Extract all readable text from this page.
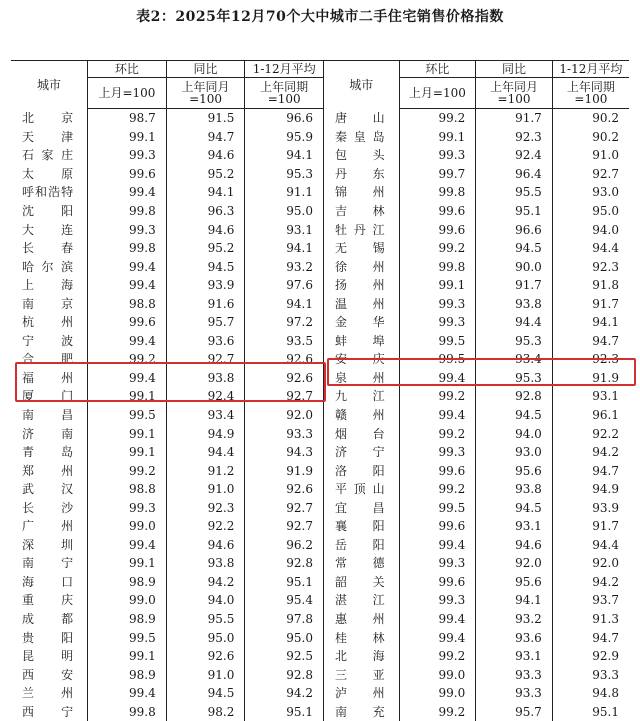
表2：2025年12月70个大中城市二手住宅销售价格指数
城市	环比	同比	1-12月平均	城市	环比	同比	1-12月平均
	上月=100	上年同月=100	上年同期=100		上月=100	上年同月=100	上年同期=100
北 京	98.7	91.5	96.6	唐 山	99.2	91.7	90.2
天 津	99.1	94.7	95.9	秦皇岛	99.1	92.3	90.2
石家庄	99.3	94.6	94.1	包 头	99.3	92.4	91.0
太 原	99.6	95.2	95.3	丹 东	99.7	96.4	92.7
呼和浩特	99.4	94.1	91.1	锦 州	99.8	95.5	93.0
沈 阳	99.8	96.3	95.0	吉 林	99.6	95.1	95.0
大 连	99.3	94.6	93.1	牡丹江	99.6	96.6	94.0
长 春	99.8	95.2	94.1	无 锡	99.2	94.5	94.4
哈尔滨	99.4	94.5	93.2	徐 州	99.8	90.0	92.3
上 海	99.4	93.9	97.6	扬 州	99.1	91.7	91.8
南 京	98.8	91.6	94.1	温 州	99.3	93.8	91.7
杭 州	99.6	95.7	97.2	金 华	99.3	94.4	94.1
宁 波	99.4	93.6	93.5	蚌 埠	99.5	95.3	94.7
合 肥	99.2	92.7	92.6	安 庆	99.5	93.4	92.3
福 州	99.4	93.8	92.6	泉 州	99.4	95.3	91.9
厦 门	99.1	92.4	92.7	九 江	99.2	92.8	93.1
南 昌	99.5	93.4	92.0	赣 州	99.4	94.5	96.1
济 南	99.1	94.9	93.3	烟 台	99.2	94.0	92.2
青 岛	99.1	94.4	94.3	济 宁	99.3	93.0	94.2
郑 州	99.2	91.2	91.9	洛 阳	99.6	95.6	94.7
武 汉	98.8	91.0	92.6	平顶山	99.2	93.8	94.9
长 沙	99.3	92.3	92.7	宜 昌	99.5	94.5	93.9
广 州	99.0	92.2	92.7	襄 阳	99.6	93.1	91.7
深 圳	99.4	94.6	96.2	岳 阳	99.4	94.6	94.4
南 宁	99.1	93.8	92.8	常 德	99.3	92.0	92.0
海 口	98.9	94.2	95.1	韶 关	99.6	95.6	94.2
重 庆	99.0	94.0	95.4	湛 江	99.3	94.1	93.7
成 都	98.9	95.5	97.8	惠 州	99.4	93.2	91.3
贵 阳	99.5	95.0	95.0	桂 林	99.4	93.6	94.7
昆 明	99.1	92.6	92.5	北 海	99.2	93.1	92.9
西 安	98.9	91.0	92.8	三 亚	99.0	93.3	93.3
兰 州	99.4	94.5	94.2	泸 州	99.0	93.3	94.8
西 宁	99.8	98.2	95.1	南 充	99.2	95.7	95.1
